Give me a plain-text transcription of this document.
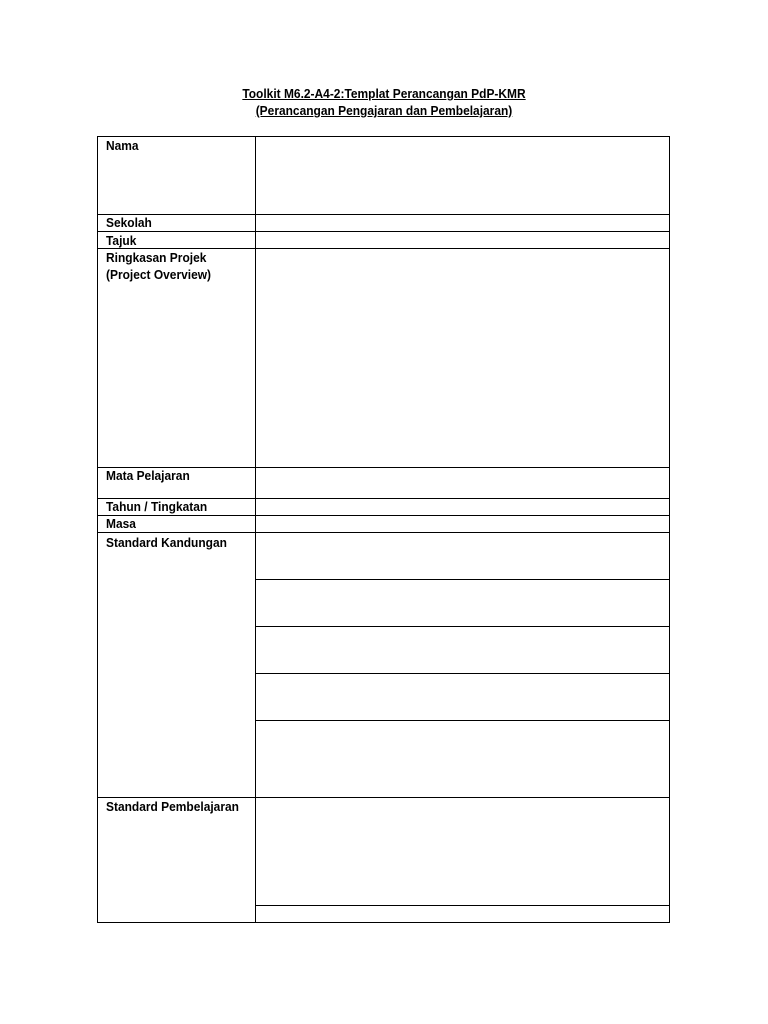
Toolkit M6.2-A4-2:Templat Perancangan PdP-KMR
(Perancangan Pengajaran dan Pembelajaran)
Nama
Sekolah
Tajuk
Ringkasan Projek
(Project Overview)
Mata Pelajaran
Tahun / Tingkatan
Masa
Standard Kandungan
Standard Pembelajaran
